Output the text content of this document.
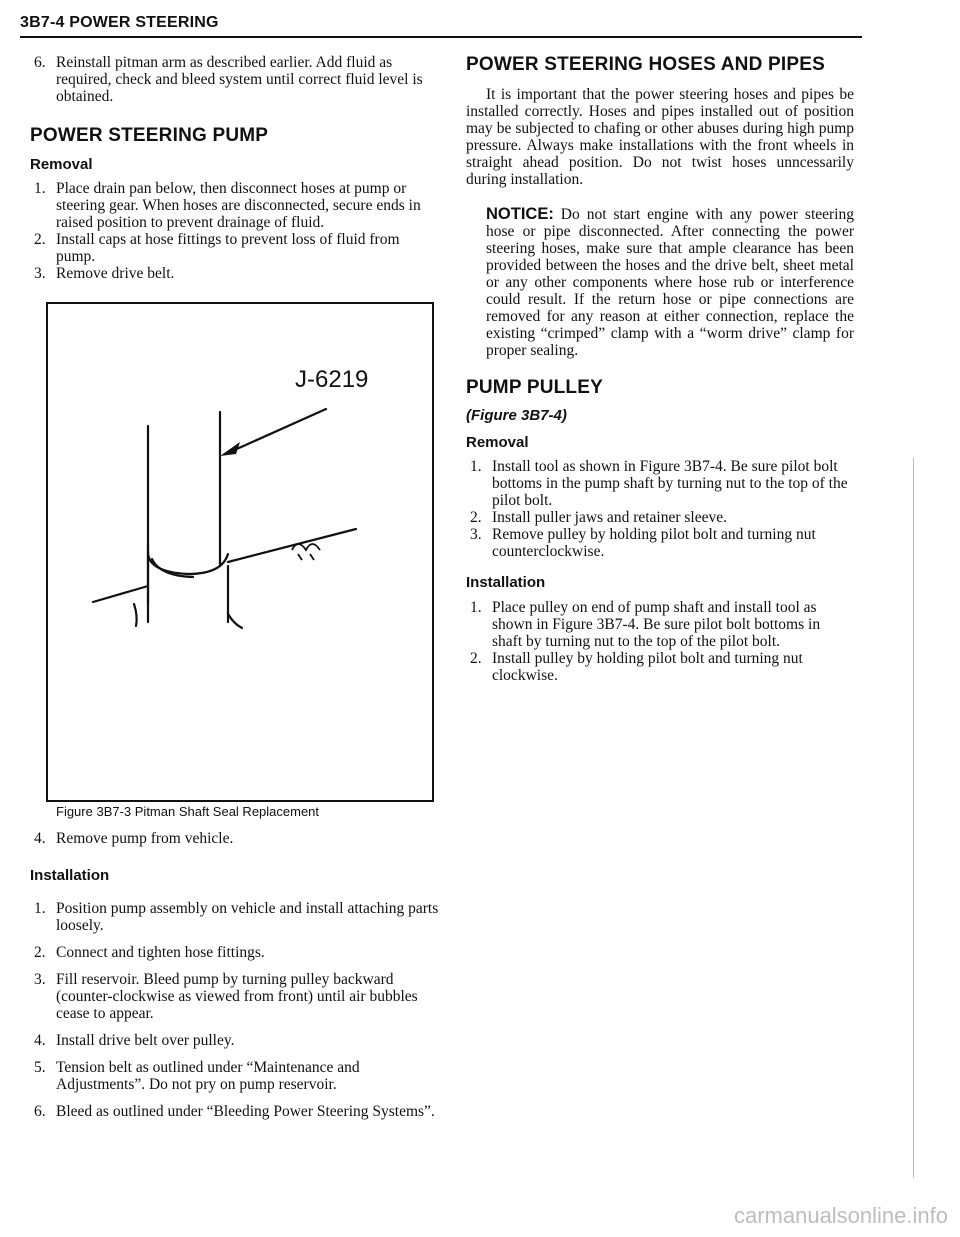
3B7-4 POWER STEERING
6. Reinstall pitman arm as described earlier. Add fluid as required, check and bleed system until correct fluid level is obtained.
POWER STEERING PUMP
Removal
1. Place drain pan below, then disconnect hoses at pump or steering gear. When hoses are disconnected, secure ends in raised position to prevent drainage of fluid.
2. Install caps at hose fittings to prevent loss of fluid from pump.
3. Remove drive belt.
J-6219
Figure 3B7-3 Pitman Shaft Seal Replacement
4. Remove pump from vehicle.
Installation
1. Position pump assembly on vehicle and install attaching parts loosely.
2. Connect and tighten hose fittings.
3. Fill reservoir. Bleed pump by turning pulley backward (counter-clockwise as viewed from front) until air bubbles cease to appear.
4. Install drive belt over pulley.
5. Tension belt as outlined under “Maintenance and Adjustments”. Do not pry on pump reservoir.
6. Bleed as outlined under “Bleeding Power Steering Systems”.
POWER STEERING HOSES AND PIPES

It is important that the power steering hoses and pipes be installed correctly. Hoses and pipes installed out of position may be subjected to chafing or other abuses during high pump pressure. Always make installations with the front wheels in straight ahead position. Do not twist hoses unncessarily during installation.

NOTICE: Do not start engine with any power steering hose or pipe disconnected. After connecting the power steering hoses, make sure that ample clearance has been provided between the hoses and the drive belt, sheet metal or any other components where hose rub or interference could result. If the return hose or pipe connections are removed for any reason at either connection, replace the existing “crimped” clamp with a “worm drive” clamp for proper sealing.

PUMP PULLEY
(Figure 3B7-4)
Removal
1. Install tool as shown in Figure 3B7-4. Be sure pilot bolt bottoms in the pump shaft by turning nut to the top of the pilot bolt.
2. Install puller jaws and retainer sleeve.
3. Remove pulley by holding pilot bolt and turning nut counterclockwise.
Installation
1. Place pulley on end of pump shaft and install tool as shown in Figure 3B7-4. Be sure pilot bolt bottoms in shaft by turning nut to the top of the pilot bolt.
2. Install pulley by holding pilot bolt and turning nut clockwise.
carmanualsonline.info
